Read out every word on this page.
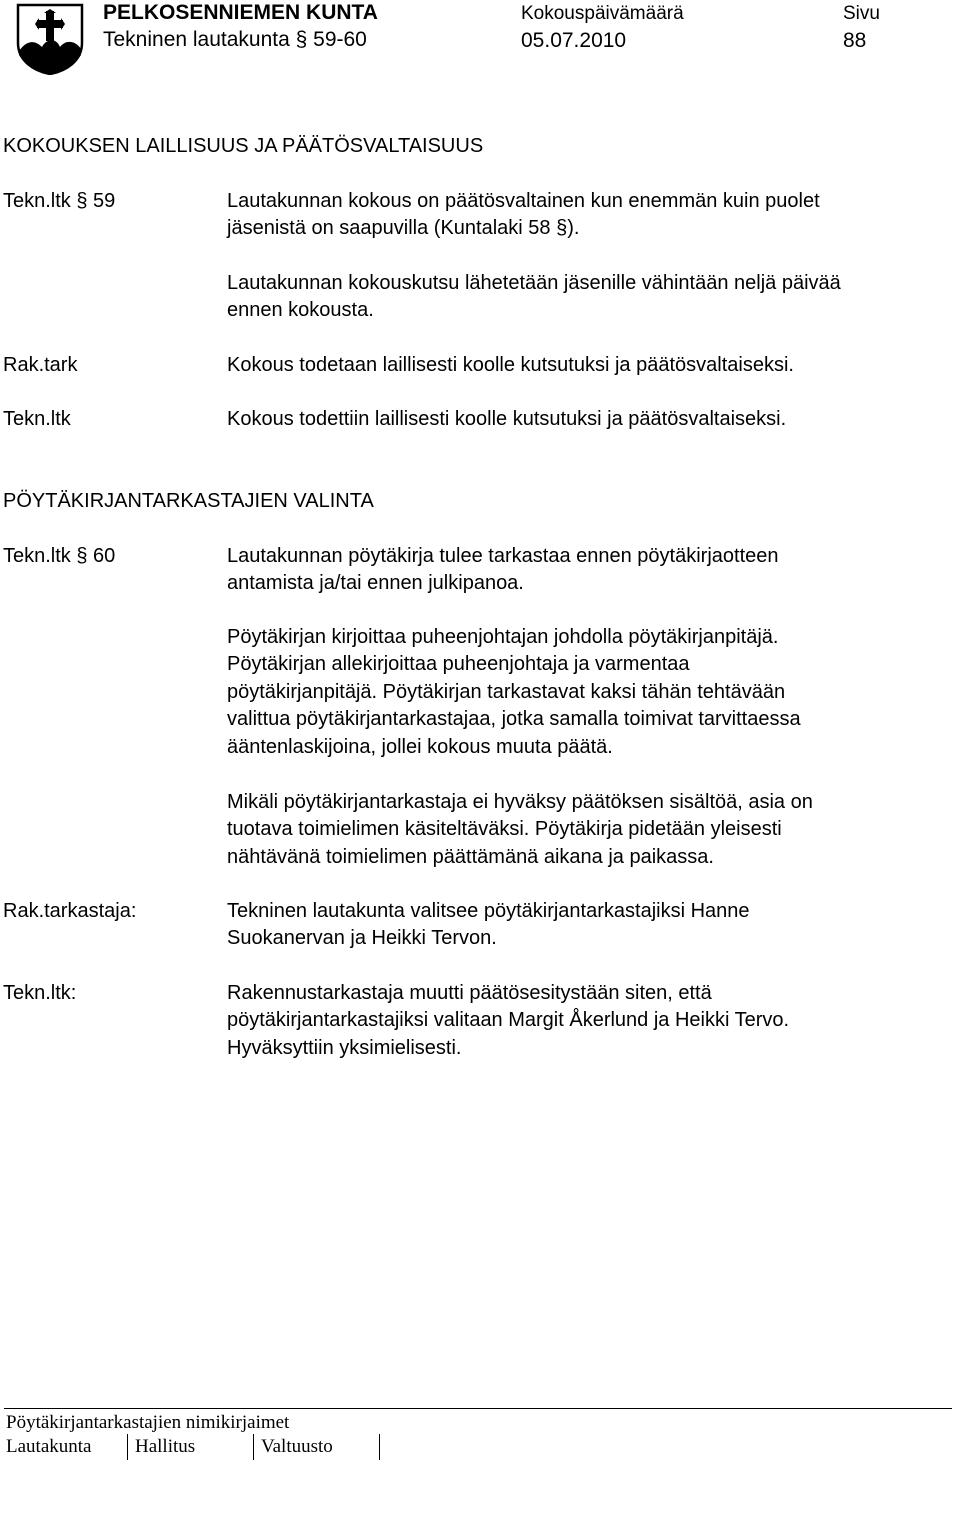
PELKOSENNIEMEN KUNTA
Tekninen lautakunta § 59-60
Kokouspäivämäärä
05.07.2010
Sivu
88
KOKOUKSEN LAILLISUUS JA PÄÄTÖSVALTAISUUS
Tekn.ltk § 59	Lautakunnan kokous on päätösvaltainen kun enemmän kuin puolet
jäsenistä on saapuvilla (Kuntalaki 58 §).
Lautakunnan kokouskutsu lähetetään jäsenille vähintään neljä päivää
ennen kokousta.
Rak.tark	Kokous todetaan laillisesti koolle kutsutuksi ja päätösvaltaiseksi.
Tekn.ltk	Kokous todettiin laillisesti koolle kutsutuksi ja päätösvaltaiseksi.
PÖYTÄKIRJANTARKASTAJIEN VALINTA
Tekn.ltk § 60	Lautakunnan pöytäkirja tulee tarkastaa ennen pöytäkirjaotteen
antamista ja/tai ennen julkipanoa.
Pöytäkirjan kirjoittaa puheenjohtajan johdolla pöytäkirjanpitäjä.
Pöytäkirjan allekirjoittaa puheenjohtaja ja varmentaa
pöytäkirjanpitäjä. Pöytäkirjan tarkastavat kaksi tähän tehtävään
valittua pöytäkirjantarkastajaa, jotka samalla toimivat tarvittaessa
ääntenlaskijoina, jollei kokous muuta päätä.
Mikäli pöytäkirjantarkastaja ei hyväksy päätöksen sisältöä, asia on
tuotava toimielimen käsiteltäväksi. Pöytäkirja pidetään yleisesti
nähtävänä toimielimen päättämänä aikana ja paikassa.
Rak.tarkastaja:	Tekninen lautakunta valitsee pöytäkirjantarkastajiksi Hanne
Suokanervan ja Heikki Tervon.
Tekn.ltk:	Rakennustarkastaja muutti päätösesitystään siten, että
pöytäkirjantarkastajiksi valitaan Margit Åkerlund ja Heikki Tervo.
Hyväksyttiin yksimielisesti.
Pöytäkirjantarkastajien nimikirjaimet
Lautakunta Hallitus	Valtuusto
